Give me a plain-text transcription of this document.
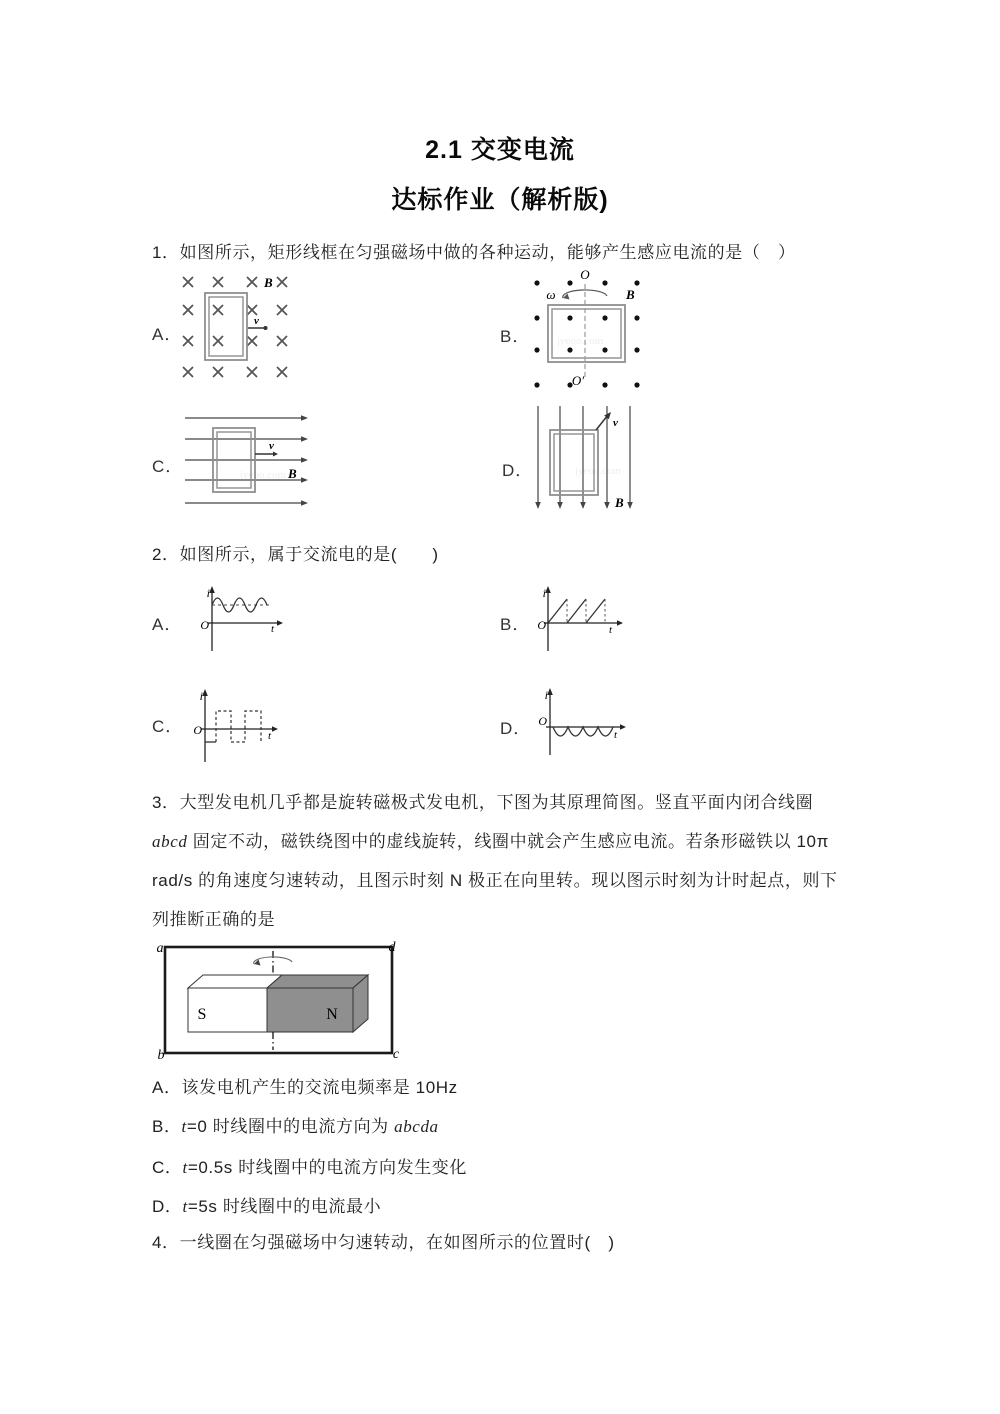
2.1 交变电流
达标作业（解析版)
1．如图所示，矩形线框在匀强磁场中做的各种运动，能够产生感应电流的是（　）
A．
B
v
B． jyeoo.com
O
O′
ω	B
C．	jyeoo.com
v
B	D．	jyeoo.com
v
B
2．如图所示，属于交流电的是(　　)
A．
i
O	t	B．
i
O	t
C．
i
O	t	D．
i
O
t
3．大型发电机几乎都是旋转磁极式发电机，下图为其原理简图。竖直平面内闭合线圈
abcd 固定不动，磁铁绕图中的虚线旋转，线圈中就会产生感应电流。若条形磁铁以 10π
rad/s 的角速度匀速转动，且图示时刻 N 极正在向里转。现以图示时刻为计时起点，则下
列推断正确的是
a	d
b	c
S	N
A．该发电机产生的交流电频率是 10Hz
B．t=0 时线圈中的电流方向为 abcda
C．t=0.5s 时线圈中的电流方向发生变化
D．t=5s 时线圈中的电流最小
4．一线圈在匀强磁场中匀速转动，在如图所示的位置时(　)
